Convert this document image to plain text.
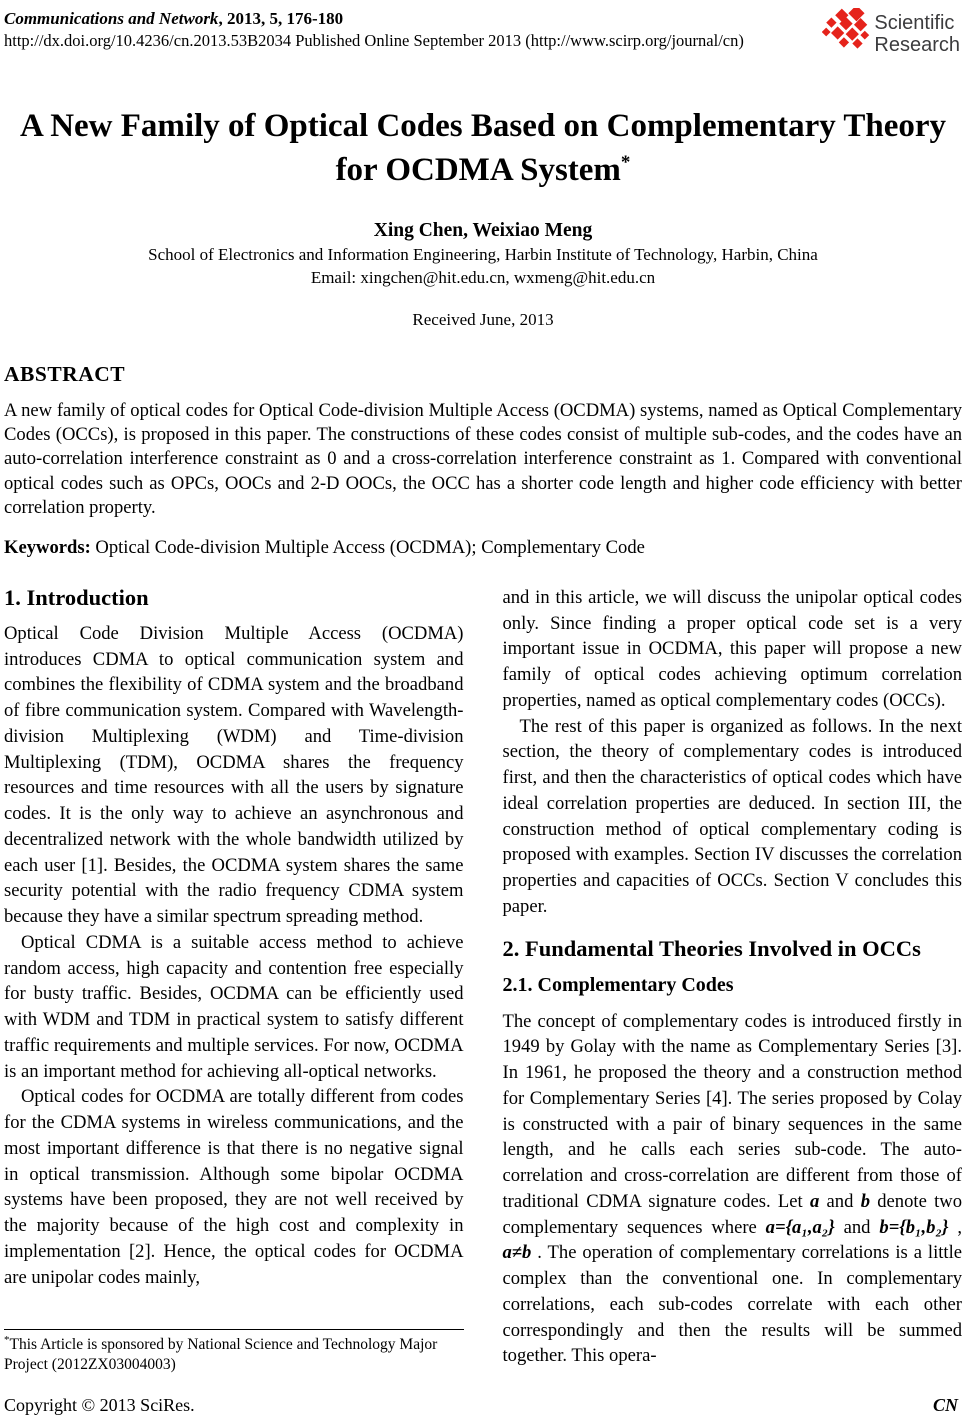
Communications and Network, 2013, 5, 176-180
http://dx.doi.org/10.4236/cn.2013.53B2034 Published Online September 2013 (http://www.scirp.org/journal/cn)
Scientific
Research
A New Family of Optical Codes Based on Complementary Theory for OCDMA System*
Xing Chen, Weixiao Meng
School of Electronics and Information Engineering, Harbin Institute of Technology, Harbin, China
Email: xingchen@hit.edu.cn, wxmeng@hit.edu.cn
Received June, 2013
ABSTRACT
A new family of optical codes for Optical Code-division Multiple Access (OCDMA) systems, named as Optical Complementary Codes (OCCs), is proposed in this paper. The constructions of these codes consist of multiple sub-codes, and the codes have an auto-correlation interference constraint as 0 and a cross-correlation interference constraint as 1. Compared with conventional optical codes such as OPCs, OOCs and 2-D OOCs, the OCC has a shorter code length and higher code efficiency with better correlation property.
Keywords: Optical Code-division Multiple Access (OCDMA); Complementary Code
1. Introduction

Optical Code Division Multiple Access (OCDMA) introduces CDMA to optical communication system and combines the flexibility of CDMA system and the broadband of fibre communication system. Compared with Wavelength-division Multiplexing (WDM) and Time-division Multiplexing (TDM), OCDMA shares the frequency resources and time resources with all the users by signature codes. It is the only way to achieve an asynchronous and decentralized network with the whole bandwidth utilized by each user [1]. Besides, the OCDMA system shares the same security potential with the radio frequency CDMA system because they have a similar spectrum spreading method.

Optical CDMA is a suitable access method to achieve random access, high capacity and contention free especially for busty traffic. Besides, OCDMA can be efficiently used with WDM and TDM in practical system to satisfy different traffic requirements and multiple services. For now, OCDMA is an important method for achieving all-optical networks.

Optical codes for OCDMA are totally different from codes for the CDMA systems in wireless communications, and the most important difference is that there is no negative signal in optical transmission. Although some bipolar OCDMA systems have been proposed, they are not well received by the majority because of the high cost and complexity in implementation [2]. Hence, the optical codes for OCDMA are unipolar codes mainly,

*This Article is sponsored by National Science and Technology Major Project (2012ZX03004003)

and in this article, we will discuss the unipolar optical codes only. Since finding a proper optical code set is a very important issue in OCDMA, this paper will propose a new family of optical codes achieving optimum correlation properties, named as optical complementary codes (OCCs).

The rest of this paper is organized as follows. In the next section, the theory of complementary codes is introduced first, and then the characteristics of optical codes which have ideal correlation properties are deduced. In section III, the construction method of optical complementary coding is proposed with examples. Section IV discusses the correlation properties and capacities of OCCs. Section V concludes this paper.

2. Fundamental Theories Involved in OCCs
2.1. Complementary Codes

The concept of complementary codes is introduced firstly in 1949 by Golay with the name as Complementary Series [3]. In 1961, he proposed the theory and a construction method for Complementary Series [4]. The series proposed by Colay is constructed with a pair of binary sequences in the same length, and he calls each series sub-code. The auto-correlation and cross-correlation are different from those of traditional CDMA signature codes. Let a and b denote two complementary sequences where a={a₁,a₂} and b={b₁,b₂} , a≠b . The operation of complementary correlations is a little complex than the conventional one. In complementary correlations, each sub-codes correlate with each other correspondingly and then the results will be summed together. This opera-

Copyright © 2013 SciRes.	CN
